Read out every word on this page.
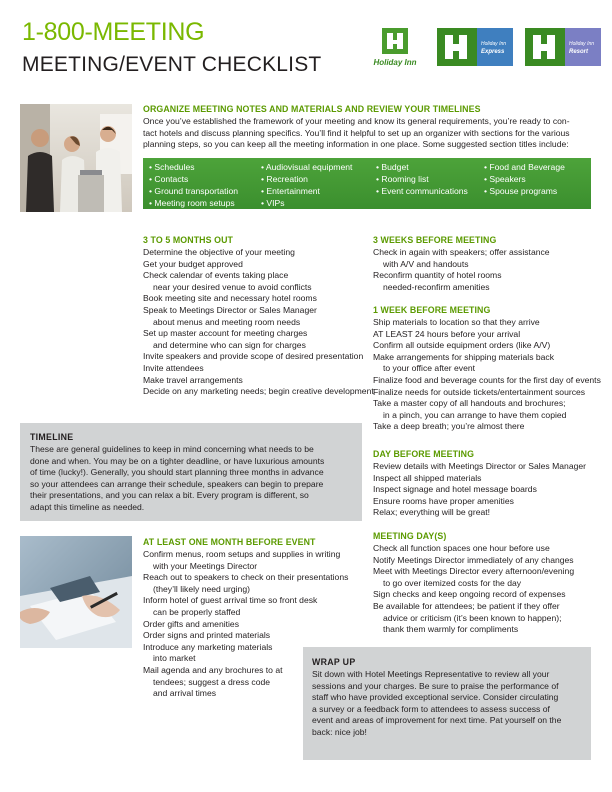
1-800-MEETING
MEETING/EVENT CHECKLIST	Holiday Inn
Holiday Inn
Express
Holiday Inn
Resort
ORGANIZE MEETING NOTES AND MATERIALS AND REVIEW YOUR TIMELINES
Once you’ve established the framework of your meeting and know its general requirements, you’re ready to con-
tact hotels and discuss planning specifics. You’ll find it helpful to set up an organizer with sections for the various
planning steps, so you can keep all the meeting information in one place. Some suggested section titles include:
• Schedules
• Contacts
• Ground transportation
• Meeting room setups
• Audiovisual equipment
• Recreation
• Entertainment
• VIPs
• Budget
• Rooming list
• Event communications
• Food and Beverage
• Speakers
• Spouse programs
3 TO 5 MONTHS OUT
Determine the objective of your meeting
Get your budget approved
Check calendar of events taking place
near your desired venue to avoid conflicts
Book meeting site and necessary hotel rooms
Speak to Meetings Director or Sales Manager
about menus and meeting room needs
Set up master account for meeting charges
and determine who can sign for charges
Invite speakers and provide scope of desired presentation
Invite attendees
Make travel arrangements
Decide on any marketing needs; begin creative development
3 WEEKS BEFORE MEETING
Check in again with speakers; offer assistance
with A/V and handouts
Reconfirm quantity of hotel rooms
needed-reconfirm amenities
1 WEEK BEFORE MEETING
Ship materials to location so that they arrive
AT LEAST 24 hours before your arrival
Confirm all outside equipment orders (like A/V)
Make arrangements for shipping materials back
to your office after event
Finalize food and beverage counts for the first day of events
Finalize needs for outside tickets/entertainment sources
Take a master copy of all handouts and brochures;
in a pinch, you can arrange to have them copied
Take a deep breath; you’re almost there
TIMELINE
These are general guidelines to keep in mind concerning what needs to be
done and when. You may be on a tighter deadline, or have luxurious amounts
of time (lucky!). Generally, you should start planning three months in advance
so your attendees can arrange their schedule, speakers can begin to prepare
their presentations, and you can relax a bit. Every program is different, so
adapt this timeline as needed.
DAY BEFORE MEETING
Review details with Meetings Director or Sales Manager
Inspect all shipped materials
Inspect signage and hotel message boards
Ensure rooms have proper amenities
Relax; everything will be great!
MEETING DAY(S)
Check all function spaces one hour before use
Notify Meetings Director immediately of any changes
Meet with Meetings Director every afternoon/evening
to go over itemized costs for the day
Sign checks and keep ongoing record of expenses
Be available for attendees; be patient if they offer
advice or criticism (it’s been known to happen);
thank them warmly for compliments
AT LEAST ONE MONTH BEFORE EVENT
Confirm menus, room setups and supplies in writing
with your Meetings Director
Reach out to speakers to check on their presentations
(they’ll likely need urging)
Inform hotel of guest arrival time so front desk
can be properly staffed
Order gifts and amenities
Order signs and printed materials
Introduce any marketing materials
into market
Mail agenda and any brochures to at
tendees; suggest a dress code
and arrival times
WRAP UP
Sit down with Hotel Meetings Representative to review all your
sessions and your charges. Be sure to praise the performance of
staff who have provided exceptional service. Consider circulating
a survey or a feedback form to attendees to assess success of
event and areas of improvement for next time. Pat yourself on the
back: nice job!
